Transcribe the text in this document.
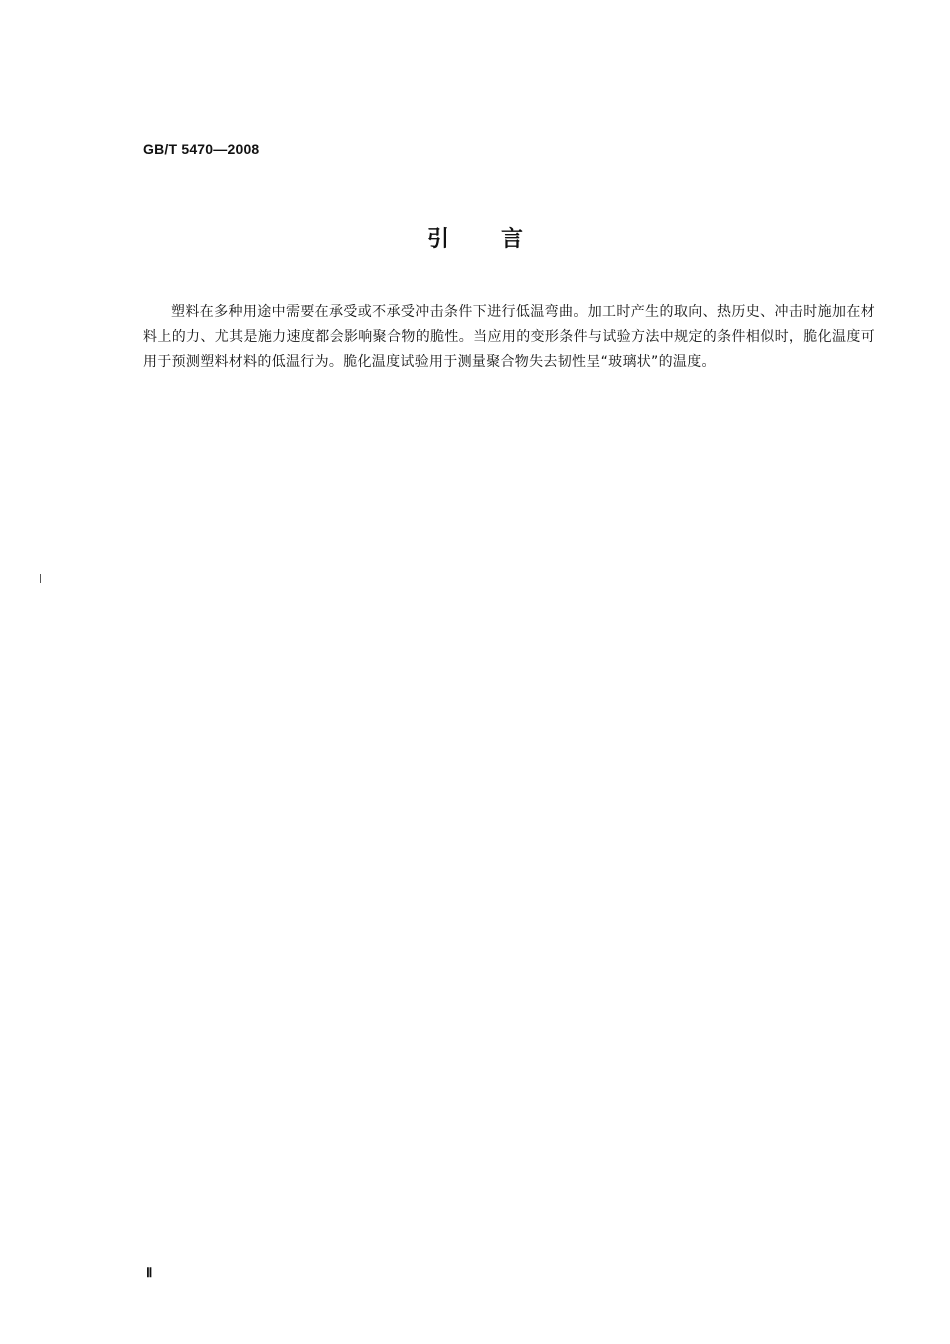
GB/T 5470—2008
引 言
塑料在多种用途中需要在承受或不承受冲击条件下进行低温弯曲。加工时产生的取向、热历史、冲击时施加在材料上的力、尤其是施力速度都会影响聚合物的脆性。当应用的变形条件与试验方法中规定的条件相似时，脆化温度可用于预测塑料材料的低温行为。脆化温度试验用于测量聚合物失去韧性呈“玻璃状”的温度。
Ⅱ
